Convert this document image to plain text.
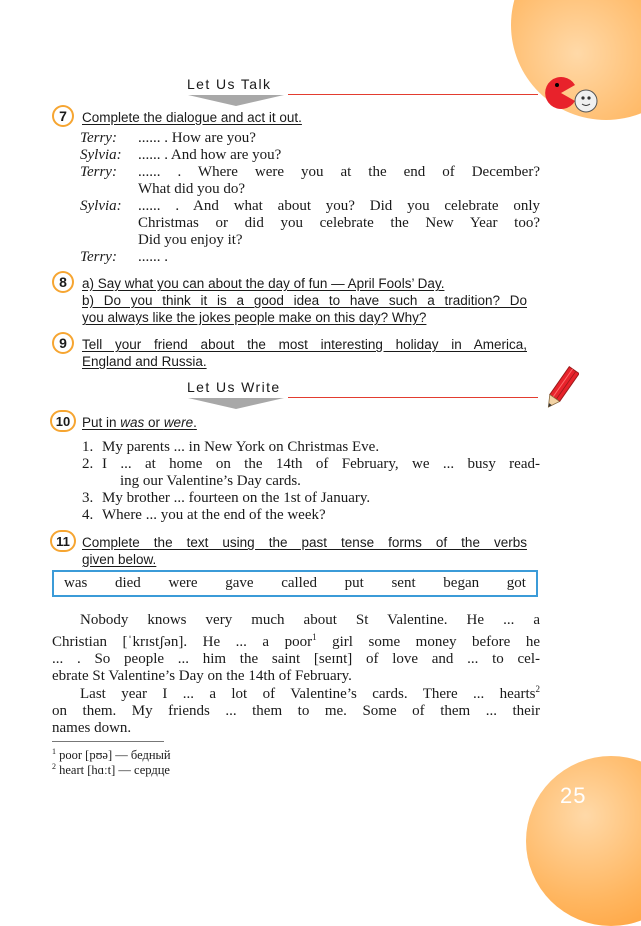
Let Us Talk
7	Complete the dialogue and act it out.
Terry: ...... . How are you?
Sylvia: ...... . And how are you?
Terry: ...... . Where were you at the end of December?
What did you do?
Sylvia: ...... . And what about you? Did you celebrate only
Christmas or did you celebrate the New Year too?
Did you enjoy it?
Terry: ...... .
8	a) Say what you can about the day of fun — April Fools’ Day.
b) Do you think it is a good idea to have such a tradition? Do
you always like the jokes people make on this day? Why?
9	Tell your friend about the most interesting holiday in America,
England and Russia.
Let Us Write
10 Put in was or were.
1. My parents ... in New York on Christmas Eve.
2. I ... at home on the 14th of February, we ... busy read-
ing our Valentine’s Day cards.
3. My brother ... fourteen on the 1st of January.
4. Where ... you at the end of the week?
11 Complete the text using the past tense forms of the verbs
given below.
was died were gave called put sent began got
Nobody knows very much about St Valentine. He ... a
Christian [ˈkrɪstʃən]. He ... a poor$^1$ girl some money before he
... . So people ... him the saint [seɪnt] of love and ... to cel-
ebrate St Valentine’s Day on the 14th of February.
Last year I ... a lot of Valentine’s cards. There ... hearts$^2$
on them. My friends ... them to me. Some of them ... their
names down.
$^1$ poor [pʊə] — бедный
$^2$ heart [hɑːt] — сердце
25
